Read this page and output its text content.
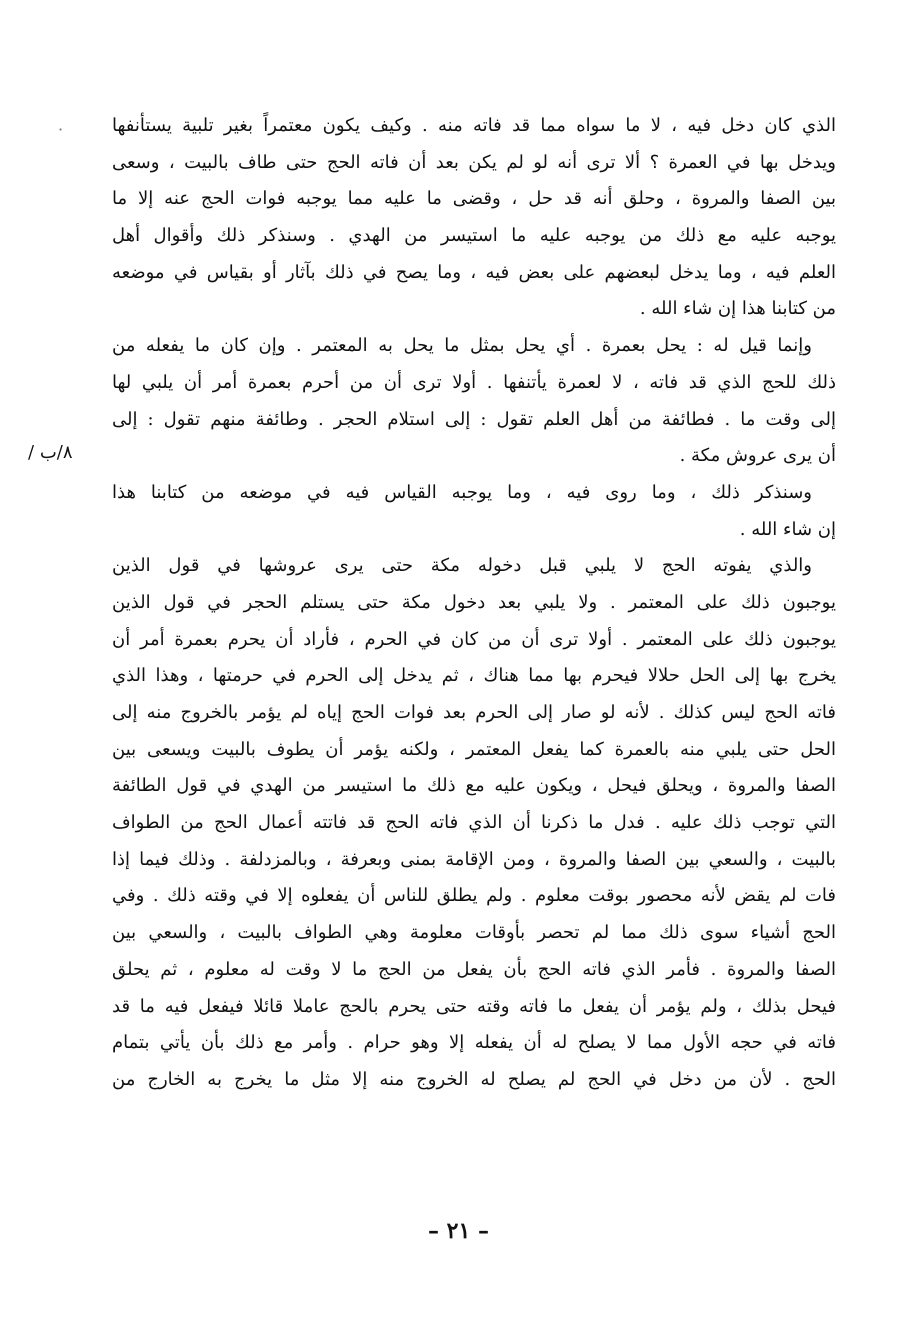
·
٨/ب /
الذي كان دخل فيه ، لا ما سواه مما قد فاته منه . وكيف يكون معتمراً بغير تلبية يستأنفها
ويدخل بها في العمرة ؟ ألا ترى أنه لو لم يكن بعد أن فاته الحج حتى طاف بالبيت ، وسعى
بين الصفا والمروة ، وحلق أنه قد حل ، وقضى ما عليه مما يوجبه فوات الحج عنه إلا ما
يوجبه عليه مع ذلك من يوجبه عليه ما استيسر من الهدي . وسنذكر ذلك وأقوال أهل
العلم فيه ، وما يدخل لبعضهم على بعض فيه ، وما يصح في ذلك بآثار أو بقياس في موضعه
من كتابنا هذا إن شاء الله .
وإنما قيل له : يحل بعمرة . أي يحل بمثل ما يحل به المعتمر . وإن كان ما يفعله من
ذلك للحج الذي قد فاته ، لا لعمرة يأتنفها . أولا ترى أن من أحرم بعمرة أمر أن يلبي لها
إلى وقت ما . فطائفة من أهل العلم تقول : إلى استلام الحجر . وطائفة منهم تقول : إلى
أن يرى عروش مكة .
وسنذكر ذلك ، وما روى فيه ، وما يوجبه القياس فيه في موضعه من كتابنا هذا
إن شاء الله .
والذي يفوته الحج لا يلبي قبل دخوله مكة حتى يرى عروشها في قول الذين
يوجبون ذلك على المعتمر . ولا يلبي بعد دخول مكة حتى يستلم الحجر في قول الذين
يوجبون ذلك على المعتمر . أولا ترى أن من كان في الحرم ، فأراد أن يحرم بعمرة أمر أن
يخرج بها إلى الحل حلالا فيحرم بها مما هناك ، ثم يدخل إلى الحرم في حرمتها ، وهذا الذي
فاته الحج ليس كذلك . لأنه لو صار إلى الحرم بعد فوات الحج إياه لم يؤمر بالخروج منه إلى
الحل حتى يلبي منه بالعمرة كما يفعل المعتمر ، ولكنه يؤمر أن يطوف بالبيت ويسعى بين
الصفا والمروة ، ويحلق فيحل ، ويكون عليه مع ذلك ما استيسر من الهدي في قول الطائفة
التي توجب ذلك عليه . فدل ما ذكرنا أن الذي فاته الحج قد فاتته أعمال الحج من الطواف
بالبيت ، والسعي بين الصفا والمروة ، ومن الإقامة بمنى وبعرفة ، وبالمزدلفة . وذلك فيما إذا
فات لم يقض لأنه محصور بوقت معلوم . ولم يطلق للناس أن يفعلوه إلا في وقته ذلك . وفي
الحج أشياء سوى ذلك مما لم تحصر بأوقات معلومة وهي الطواف بالبيت ، والسعي بين
الصفا والمروة . فأمر الذي فاته الحج بأن يفعل من الحج ما لا وقت له معلوم ، ثم يحلق
فيحل بذلك ، ولم يؤمر أن يفعل ما فاته وقته حتى يحرم بالحج عاملا قائلا فيفعل فيه ما قد
فاته في حجه الأول مما لا يصلح له أن يفعله إلا وهو حرام . وأمر مع ذلك بأن يأتي بتمام
الحج . لأن من دخل في الحج لم يصلح له الخروج منه إلا مثل ما يخرج به الخارج من
– ٢١ –
